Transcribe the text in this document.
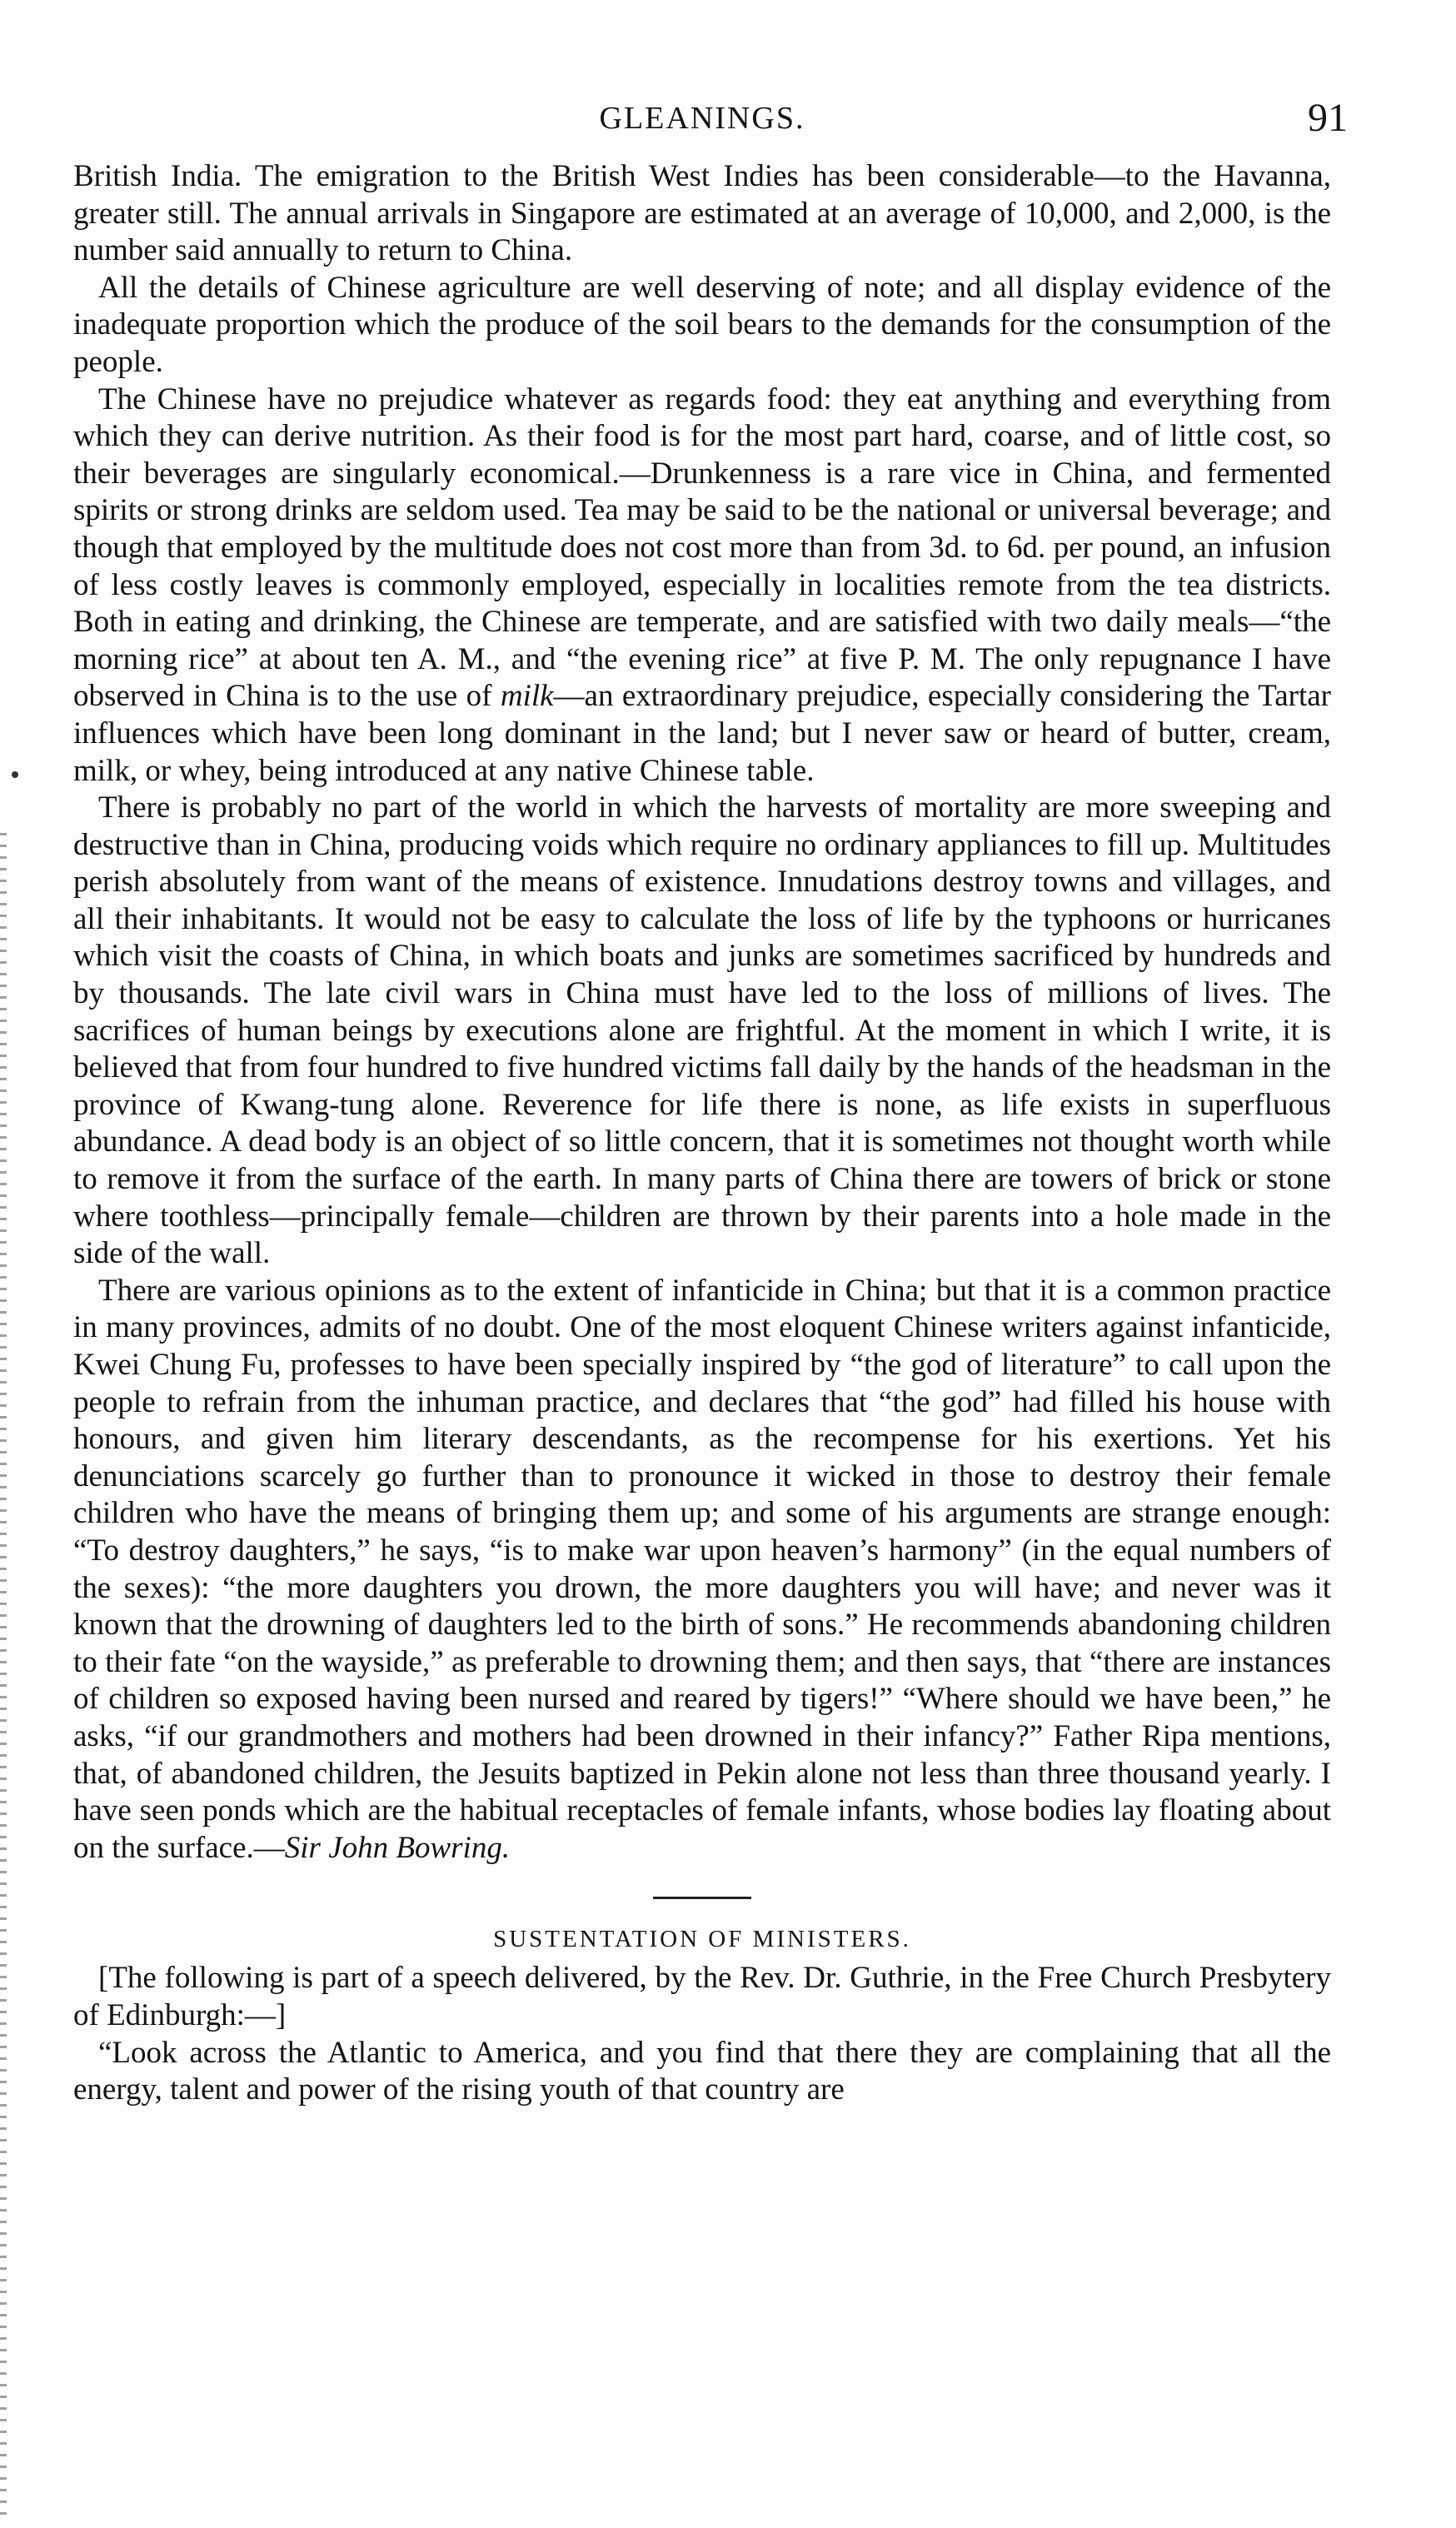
GLEANINGS.	91

British India. The emigration to the British West Indies has been considerable—to the Havanna, greater still. The annual arrivals in Singapore are estimated at an average of 10,000, and 2,000, is the number said annually to return to China.

All the details of Chinese agriculture are well deserving of note; and all display evidence of the inadequate proportion which the produce of the soil bears to the demands for the consumption of the people.

The Chinese have no prejudice whatever as regards food: they eat anything and everything from which they can derive nutrition. As their food is for the most part hard, coarse, and of little cost, so their beverages are singularly economical.—Drunkenness is a rare vice in China, and fermented spirits or strong drinks are seldom used. Tea may be said to be the national or universal beverage; and though that employed by the multitude does not cost more than from 3d. to 6d. per pound, an infusion of less costly leaves is commonly employed, especially in localities remote from the tea districts. Both in eating and drinking, the Chinese are temperate, and are satisfied with two daily meals—“the morning rice” at about ten A. M., and “the evening rice” at five P. M. The only repugnance I have observed in China is to the use of milk—an extraordinary prejudice, especially considering the Tartar influences which have been long dominant in the land; but I never saw or heard of butter, cream, milk, or whey, being introduced at any native Chinese table.

There is probably no part of the world in which the harvests of mortality are more sweeping and destructive than in China, producing voids which require no ordinary appliances to fill up. Multitudes perish absolutely from want of the means of existence. Innudations destroy towns and villages, and all their inhabitants. It would not be easy to calculate the loss of life by the typhoons or hurricanes which visit the coasts of China, in which boats and junks are sometimes sacrificed by hundreds and by thousands. The late civil wars in China must have led to the loss of millions of lives. The sacrifices of human beings by executions alone are frightful. At the moment in which I write, it is believed that from four hundred to five hundred victims fall daily by the hands of the headsman in the province of Kwang-tung alone. Reverence for life there is none, as life exists in superfluous abundance. A dead body is an object of so little concern, that it is sometimes not thought worth while to remove it from the surface of the earth. In many parts of China there are towers of brick or stone where toothless—principally female—children are thrown by their parents into a hole made in the side of the wall.

There are various opinions as to the extent of infanticide in China; but that it is a common practice in many provinces, admits of no doubt. One of the most eloquent Chinese writers against infanticide, Kwei Chung Fu, professes to have been specially inspired by “the god of literature” to call upon the people to refrain from the inhuman practice, and declares that “the god” had filled his house with honours, and given him literary descendants, as the recompense for his exertions. Yet his denunciations scarcely go further than to pronounce it wicked in those to destroy their female children who have the means of bringing them up; and some of his arguments are strange enough: “To destroy daughters,” he says, “is to make war upon heaven’s harmony” (in the equal numbers of the sexes): “the more daughters you drown, the more daughters you will have; and never was it known that the drowning of daughters led to the birth of sons.” He recommends abandoning children to their fate “on the wayside,” as preferable to drowning them; and then says, that “there are instances of children so exposed having been nursed and reared by tigers!” “Where should we have been,” he asks, “if our grandmothers and mothers had been drowned in their infancy?” Father Ripa mentions, that, of abandoned children, the Jesuits baptized in Pekin alone not less than three thousand yearly. I have seen ponds which are the habitual receptacles of female infants, whose bodies lay floating about on the surface.—Sir John Bowring.

SUSTENTATION OF MINISTERS.

[The following is part of a speech delivered, by the Rev. Dr. Guthrie, in the Free Church Presbytery of Edinburgh:—]

“Look across the Atlantic to America, and you find that there they are complaining that all the energy, talent and power of the rising youth of that country are
